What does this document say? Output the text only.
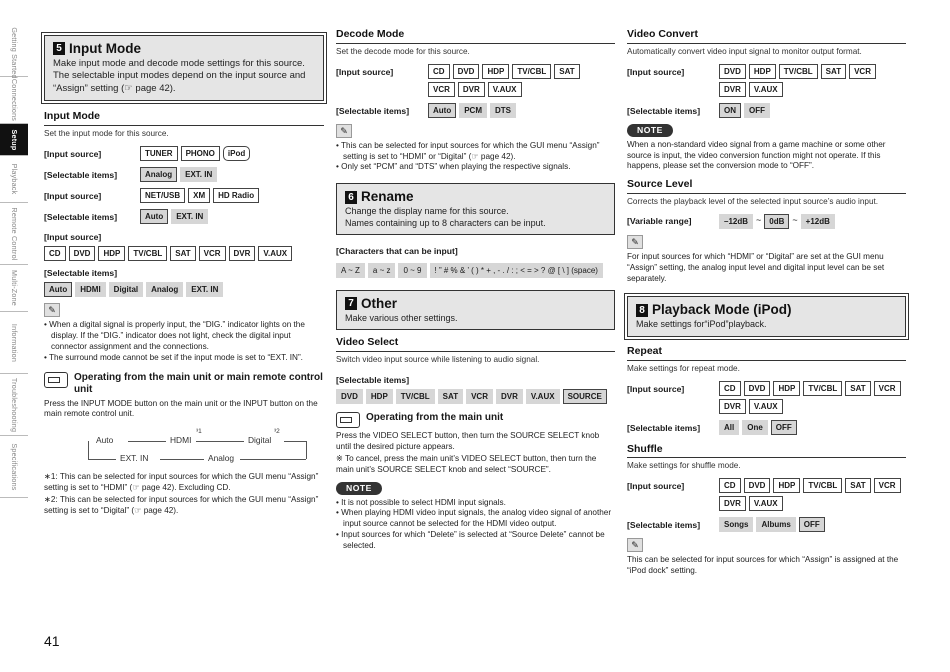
Getting Started
Connections
Setup
Playback
Remote Control
Multi-Zone
Information
Troubleshooting
Specifications
5 Input Mode
Make input mode and decode mode settings for this source.
The selectable input modes depend on the input source and “Assign” setting (☞ page 42).
Input Mode
Set the input mode for this source.
[Input source]	TUNER	PHONO	iPod
[Selectable items]	Analog	EXT. IN
[Input source]	NET/USB	XM	HD Radio
[Selectable items]	Auto	EXT. IN
[Input source]
CD	DVD	HDP	TV/CBL	SAT	VCR	DVR	V.AUX
[Selectable items]
Auto	HDMI	Digital	Analog	EXT. IN
✎
• When a digital signal is properly input, the “DIG.” indicator lights on the display. If the “DIG.” indicator does not light, check the digital input connector assignment and the connections.
• The surround mode cannot be set if the input mode is set to “EXT. IN”.
Operating from the main unit or main remote control unit
Press the INPUT MODE button on the main unit or the INPUT button on the main remote control unit.
Auto	HDMI
³1
Digital
³2
EXT. IN	Analog
∗1: This can be selected for input sources for which the GUI menu “Assign” setting is set to “HDMI” (☞ page 42). Excluding CD.
∗2: This can be selected for input sources for which the GUI menu “Assign” setting is set to “Digital” (☞ page 42).
Decode Mode
Set the decode mode for this source.
[Input source]	CD	DVD	HDP	TV/CBL	SAT
VCR	DVR	V.AUX
[Selectable items]	Auto	PCM	DTS
✎
• This can be selected for input sources for which the GUI menu “Assign” setting is set to “HDMI” or “Digital” (☞ page 42).
• Only set “PCM” and “DTS” when playing the respective signals.
6 Rename
Change the display name for this source.
Names containing up to 8 characters can be input.
[Characters that can be input]
A ~ Z	a ~ z	0 ~ 9	! ” # % & ’ ( ) * + , - . / : ; < = > ? @ [ \ ] (space)
7 Other
Make various other settings.
Video Select
Switch video input source while listening to audio signal.
[Selectable items]
DVD	HDP	TV/CBL	SAT	VCR	DVR	V.AUX	SOURCE
Operating from the main unit
Press the VIDEO SELECT button, then turn the SOURCE SELECT knob until the desired picture appears.
※ To cancel, press the main unit’s VIDEO SELECT button, then turn the main unit’s SOURCE SELECT knob and select “SOURCE”.
NOTE
• It is not possible to select HDMI input signals.
• When playing HDMI video input signals, the analog video signal of another input source cannot be selected for the HDMI video output.
• Input sources for which “Delete” is selected at “Source Delete” cannot be selected.
Video Convert
Automatically convert video input signal to monitor output format.
[Input source]	DVD	HDP	TV/CBL	SAT	VCR
DVR	V.AUX
[Selectable items]	ON	OFF
NOTE
When a non-standard video signal from a game machine or some other source is input, the video conversion function might not operate. If this happens, please set the conversion mode to “OFF”.
Source Level
Corrects the playback level of the selected input source’s audio input.
[Variable range]	–12dB ~	0dB ~	+12dB
✎
For input sources for which “HDMI” or “Digital” are set at the GUI menu “Assign” setting, the analog input level and digital input level can be set separately.
8 Playback Mode (iPod)
Make settings for“iPod”playback.
Repeat
Make settings for repeat mode.
[Input source]	CD	DVD	HDP	TV/CBL	SAT	VCR
DVR	V.AUX
[Selectable items]	All	One	OFF
Shuffle
Make settings for shuffle mode.
[Input source]	CD	DVD	HDP	TV/CBL	SAT	VCR
DVR	V.AUX
[Selectable items]	Songs	Albums	OFF
✎
This can be selected for input sources for which “Assign” is assigned at the “iPod dock” setting.
41
